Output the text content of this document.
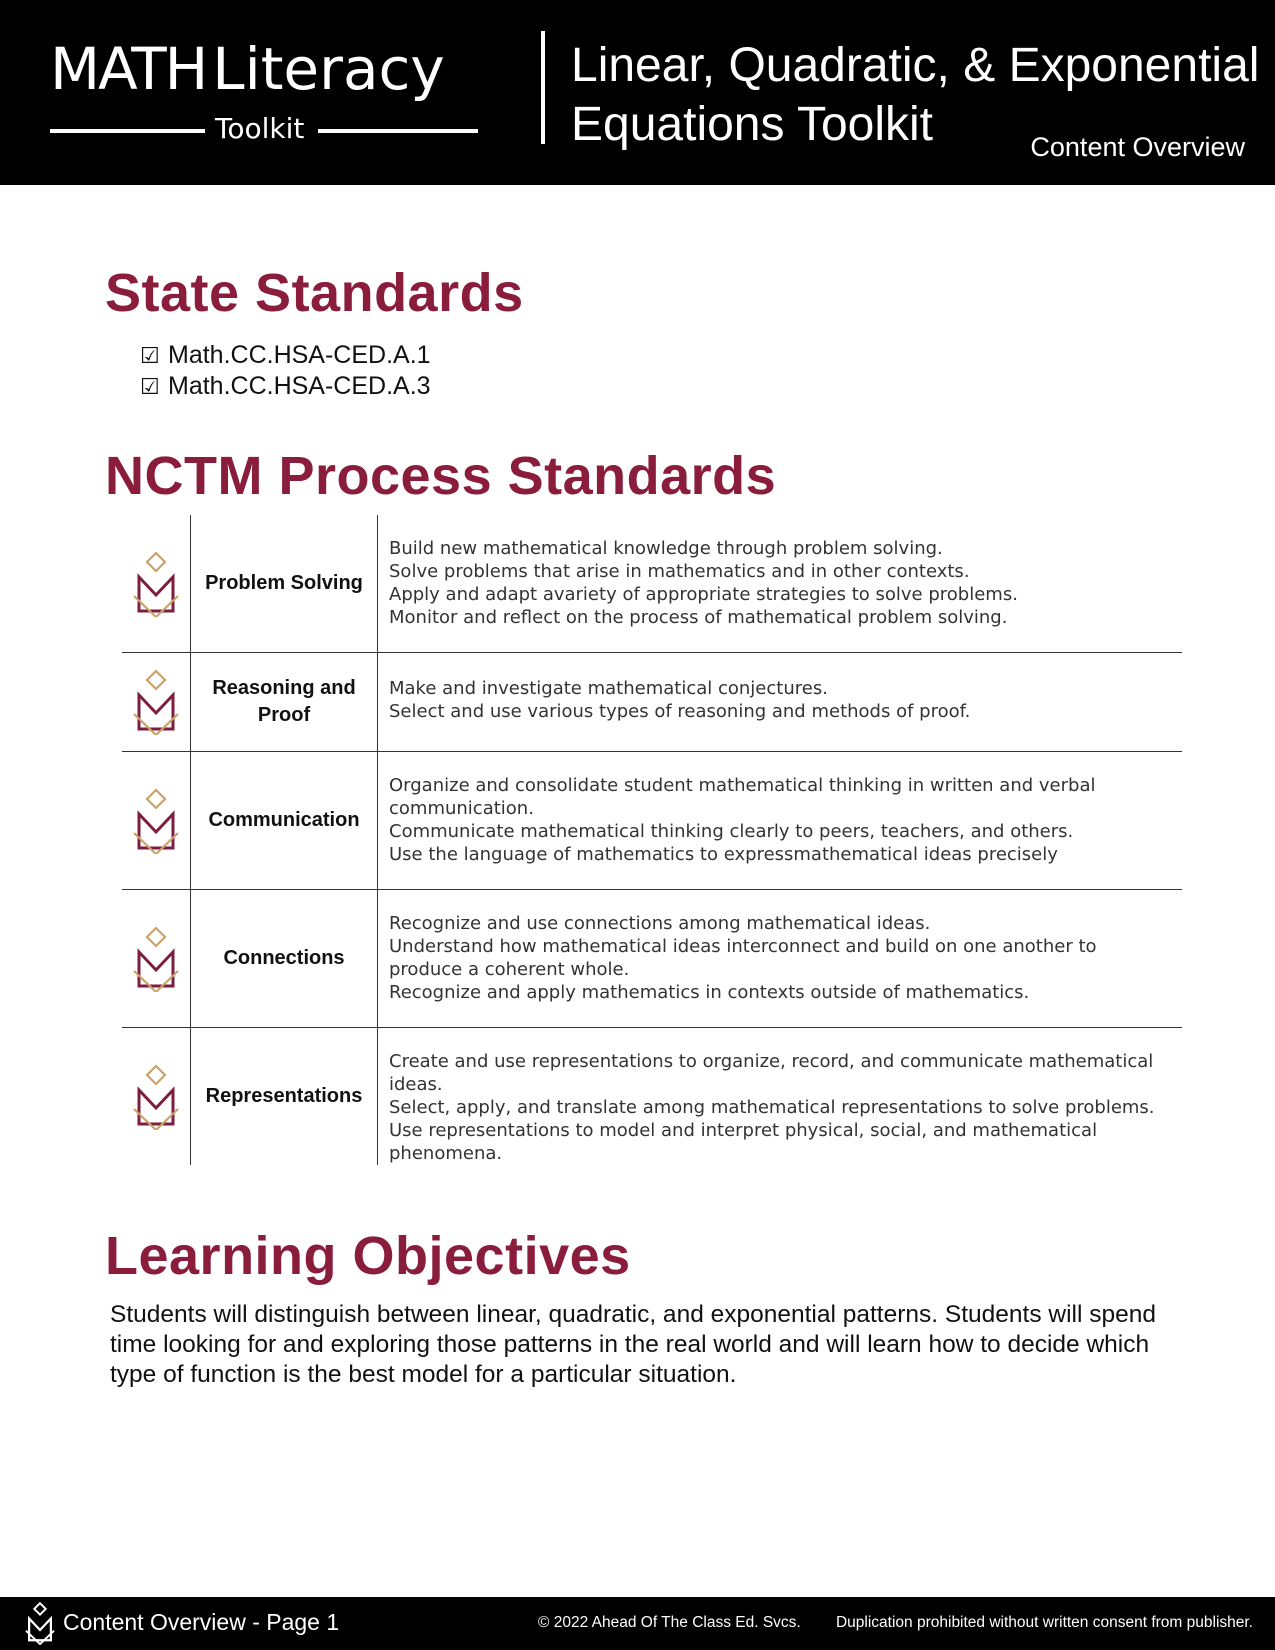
MATH Literacy
Toolkit
Linear, Quadratic, & Exponential
Equations Toolkit	Content Overview
State Standards
☑ Math.CC.HSA-CED.A.1
☑ Math.CC.HSA-CED.A.3
NCTM Process Standards
Problem Solving
Build new mathematical knowledge through problem solving.
Solve problems that arise in mathematics and in other contexts.
Apply and adapt avariety of appropriate strategies to solve problems.
Monitor and reflect on the process of mathematical problem solving.
Reasoning and Proof
Make and investigate mathematical conjectures.
Select and use various types of reasoning and methods of proof.
Communication
Organize and consolidate student mathematical thinking in written and verbal communication.
Communicate mathematical thinking clearly to peers, teachers, and others.
Use the language of mathematics to expressmathematical ideas precisely
Connections
Recognize and use connections among mathematical ideas.
Understand how mathematical ideas interconnect and build on one another to produce a coherent whole.
Recognize and apply mathematics in contexts outside of mathematics.
Representations
Create and use representations to organize, record, and communicate mathematical ideas.
Select, apply, and translate among mathematical representations to solve problems.
Use representations to model and interpret physical, social, and mathematical phenomena.
Learning Objectives

Students will distinguish between linear, quadratic, and exponential patterns. Students will spend time looking for and exploring those patterns in the real world and will learn how to decide which type of function is the best model for a particular situation.

Content Overview - Page 1	© 2022 Ahead Of The Class Ed. Svcs. Duplication prohibited without written consent from publisher.
